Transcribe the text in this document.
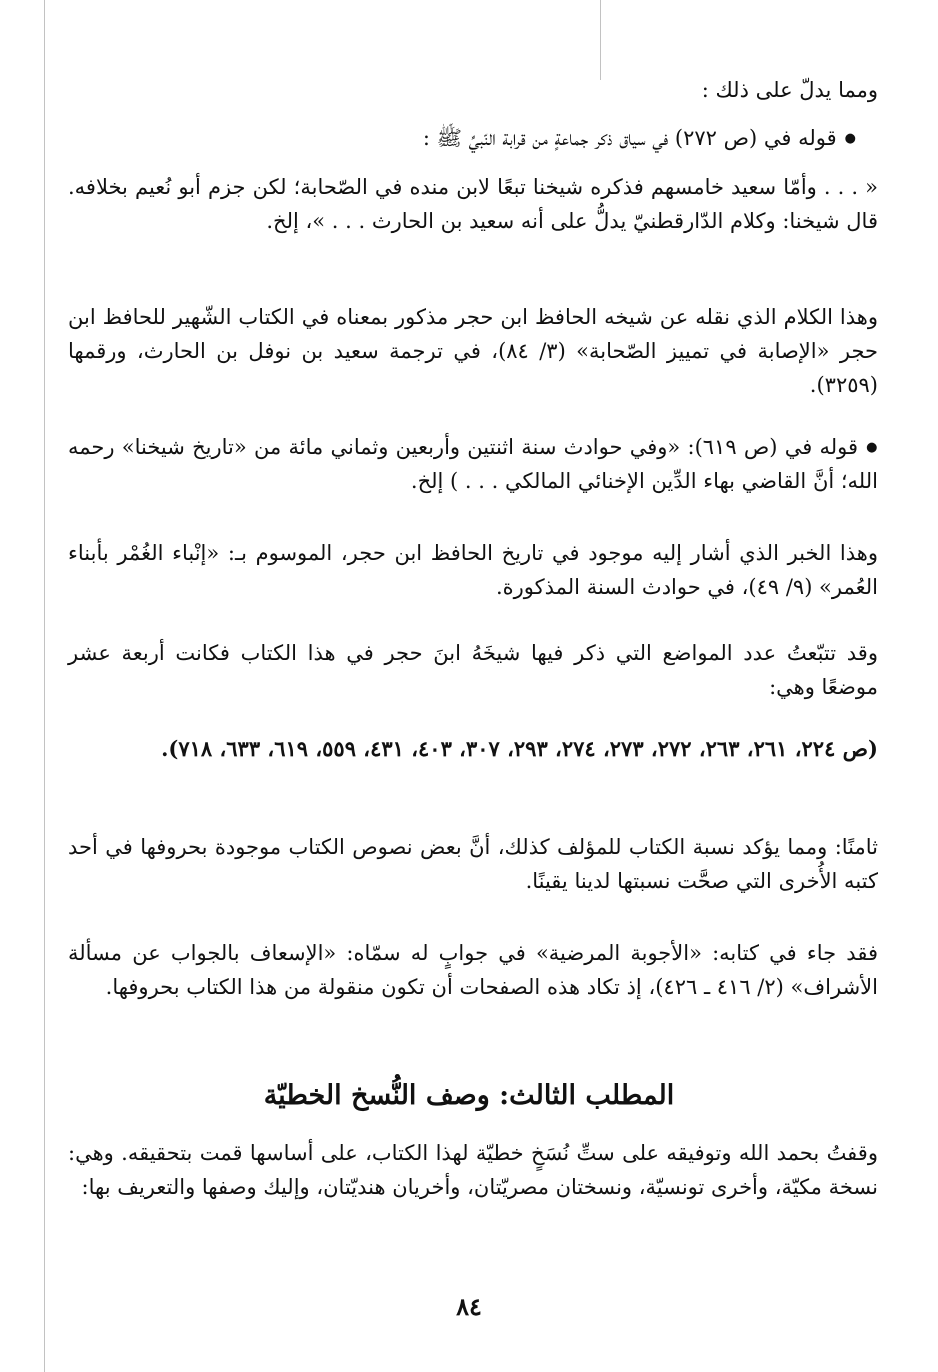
ومما يدلّ على ذلك :

● قوله في (ص ٢٧٢) في سياق ذكر جماعةٍ من قرابة النّبيِّ ﷺ :

« . . . وأمّا سعيد خامسهم فذكره شيخنا تبعًا لابن منده في الصّحابة؛ لكن جزم أبو نُعيم بخلافه. قال شيخنا: وكلام الدّارقطنيّ يدلُّ على أنه سعيد بن الحارث . . . »، إلخ.

وهذا الكلام الذي نقله عن شيخه الحافظ ابن حجر مذكور بمعناه في الكتاب الشّهير للحافظ ابن حجر «الإصابة في تمييز الصّحابة» (٣/ ٨٤)، في ترجمة سعيد بن نوفل بن الحارث، ورقمها (٣٢٥٩).

● قوله في (ص ٦١٩): «وفي حوادث سنة اثنتين وأربعين وثماني مائة من «تاريخ شيخنا» رحمه الله؛ أنَّ القاضي بهاء الدِّين الإخنائي المالكي . . . ) إلخ.

وهذا الخبر الذي أشار إليه موجود في تاريخ الحافظ ابن حجر، الموسوم بـ: «إنْباء الغُمْر بأبناء العُمر» (٩/ ٤٩)، في حوادث السنة المذكورة.

وقد تتبّعتُ عدد المواضع التي ذكر فيها شيخَهُ ابنَ حجر في هذا الكتاب فكانت أربعة عشر موضعًا وهي:

(ص ٢٢٤، ٢٦١، ٢٦٣، ٢٧٢، ٢٧٣، ٢٧٤، ٢٩٣، ٣٠٧، ٤٠٣، ٤٣١، ٥٥٩، ٦١٩، ٦٣٣، ٧١٨).

ثامنًا: ومما يؤكد نسبة الكتاب للمؤلف كذلك، أنَّ بعض نصوص الكتاب موجودة بحروفها في أحد كتبه الأُخرى التي صحَّت نسبتها لدينا يقينًا.

فقد جاء في كتابه: «الأجوبة المرضية» في جوابٍ له سمّاه: «الإسعاف بالجواب عن مسألة الأشراف» (٢/ ٤١٦ ـ ٤٢٦)، إذ تكاد هذه الصفحات أن تكون منقولة من هذا الكتاب بحروفها.

المطلب الثالث: وصف النُّسخ الخطيّة

وقفتُ بحمد الله وتوفيقه على ستِّ نُسَخٍ خطيّة لهذا الكتاب، على أساسها قمت بتحقيقه. وهي: نسخة مكيّة، وأخرى تونسيّة، ونسختان مصريّتان، وأخريان هنديّتان، وإليك وصفها والتعريف بها:

٨٤
